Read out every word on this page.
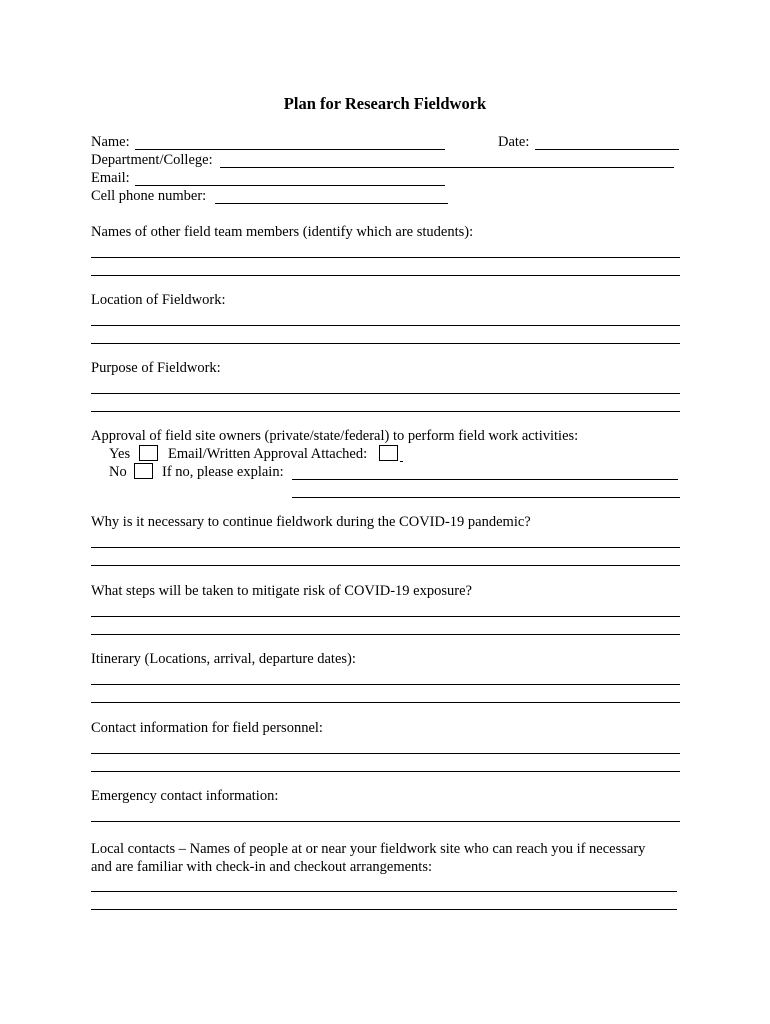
Plan for Research Fieldwork
Name:	Date:
Department/College:
Email:
Cell phone number:
Names of other field team members (identify which are students):
Location of Fieldwork:
Purpose of Fieldwork:
Approval of field site owners (private/state/federal) to perform field work activities:
Yes	Email/Written Approval Attached:
No If no, please explain:
Why is it necessary to continue fieldwork during the COVID-19 pandemic?
What steps will be taken to mitigate risk of COVID-19 exposure?
Itinerary (Locations, arrival, departure dates):
Contact information for field personnel:
Emergency contact information:
Local contacts – Names of people at or near your fieldwork site who can reach you if necessary
and are familiar with check-in and checkout arrangements:
